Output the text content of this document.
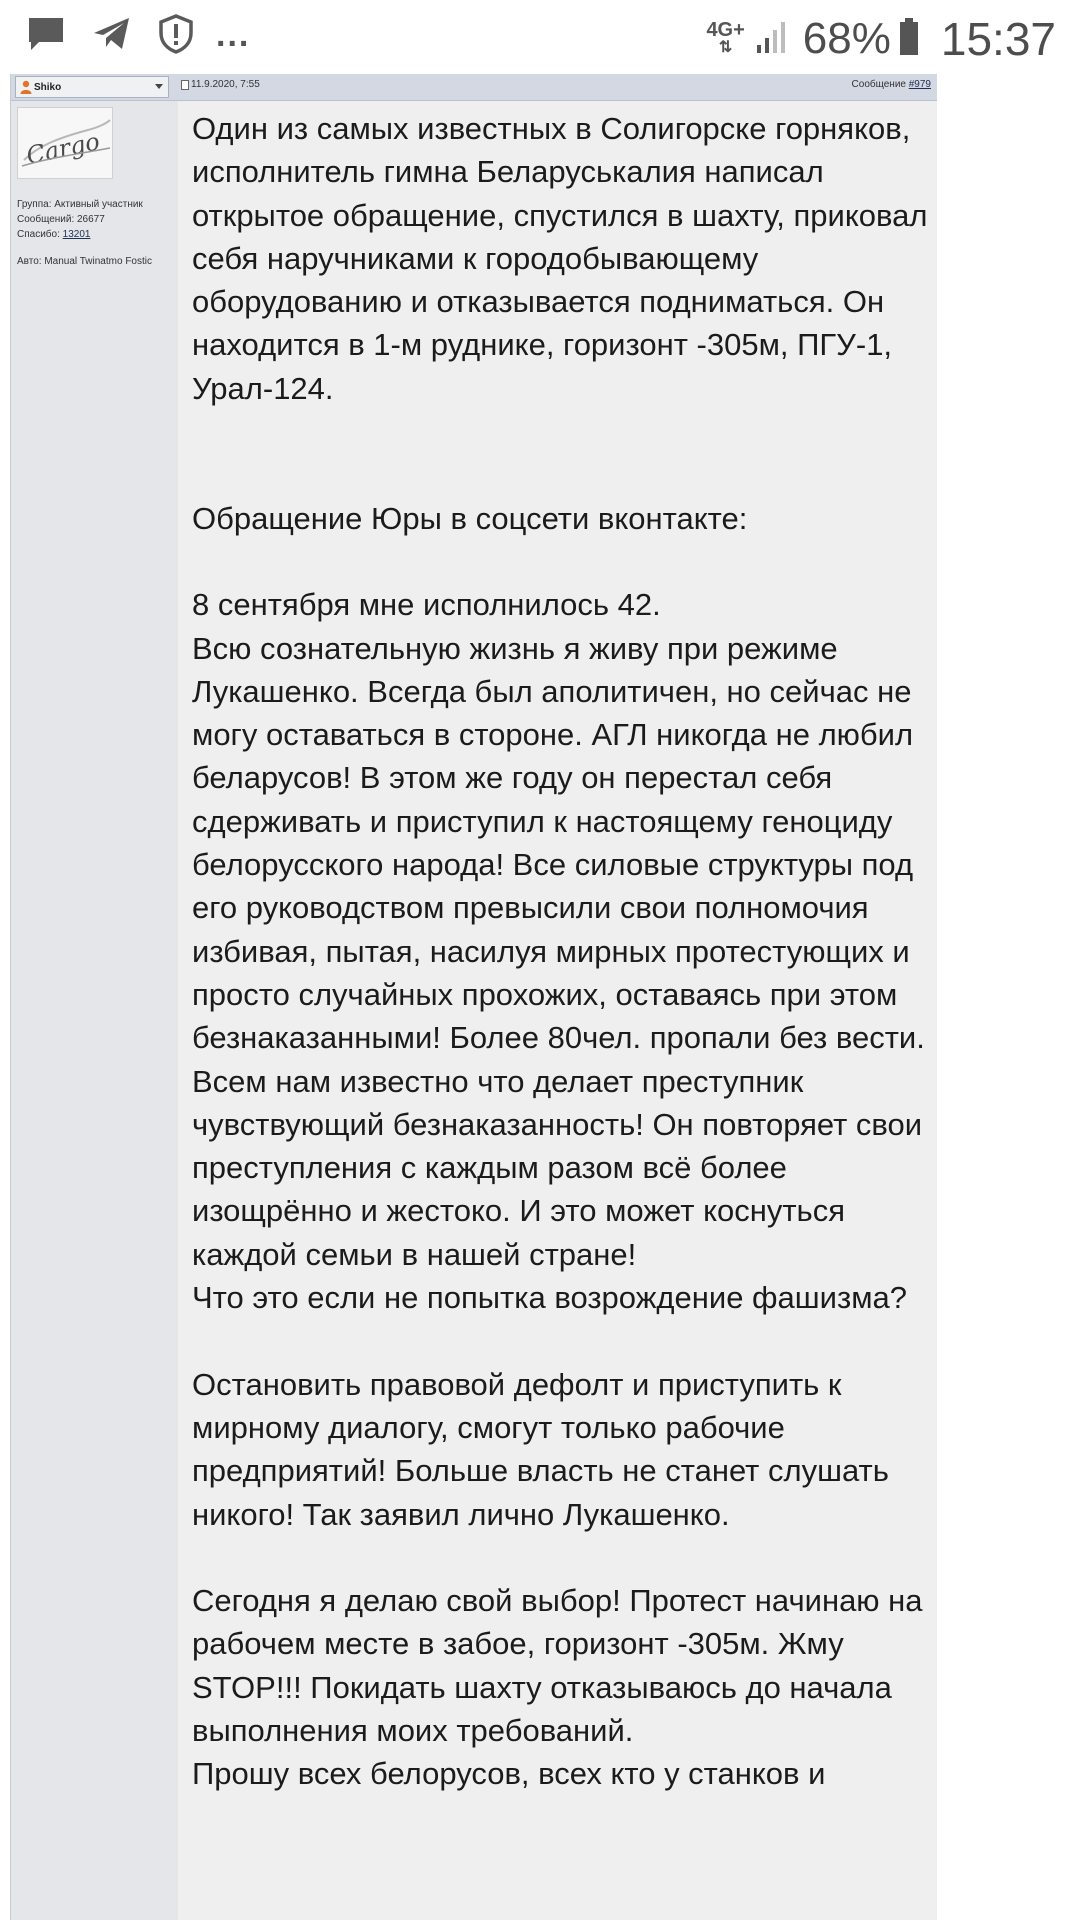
...	4G+
⇅ 68% 15:37
Shiko	11.9.2020, 7:55	Сообщение #979
Cargo
Группа: Активный участник
Сообщений: 26677
Спасибо: 13201
Авто: Manual Twinatmo Fostic
Один из самых известных в Солигорске горняков, исполнитель гимна Беларуськалия написал открытое обращение, спустился в шахту, приковал себя наручниками к городобывающему оборудованию и отказывается подниматься. Он находится в 1-м руднике, горизонт -305м, ПГУ-1, Урал-124.

Обращение Юры в соцсети вконтакте:

8 сентября мне исполнилось 42.
Всю сознательную жизнь я живу при режиме Лукашенко. Всегда был аполитичен, но сейчас не могу оставаться в стороне. АГЛ никогда не любил беларусов! В этом же году он перестал себя сдерживать и приступил к настоящему геноциду белорусского народа! Все силовые структуры под его руководством превысили свои полномочия избивая, пытая, насилуя мирных протестующих и просто случайных прохожих, оставаясь при этом безнаказанными! Более 80чел. пропали без вести. Всем нам известно что делает преступник чувствующий безнаказанность! Он повторяет свои преступления с каждым разом всё более изощрённо и жестоко. И это может коснуться каждой семьи в нашей стране!
Что это если не попытка возрождение фашизма?

Остановить правовой дефолт и приступить к мирному диалогу, смогут только рабочие предприятий! Больше власть не станет слушать никого! Так заявил лично Лукашенко.

Сегодня я делаю свой выбор! Протест начинаю на рабочем месте в забое, горизонт -305м. Жму STOP!!! Покидать шахту отказываюсь до начала выполнения моих требований.
Прошу всех белорусов, всех кто у станков и
